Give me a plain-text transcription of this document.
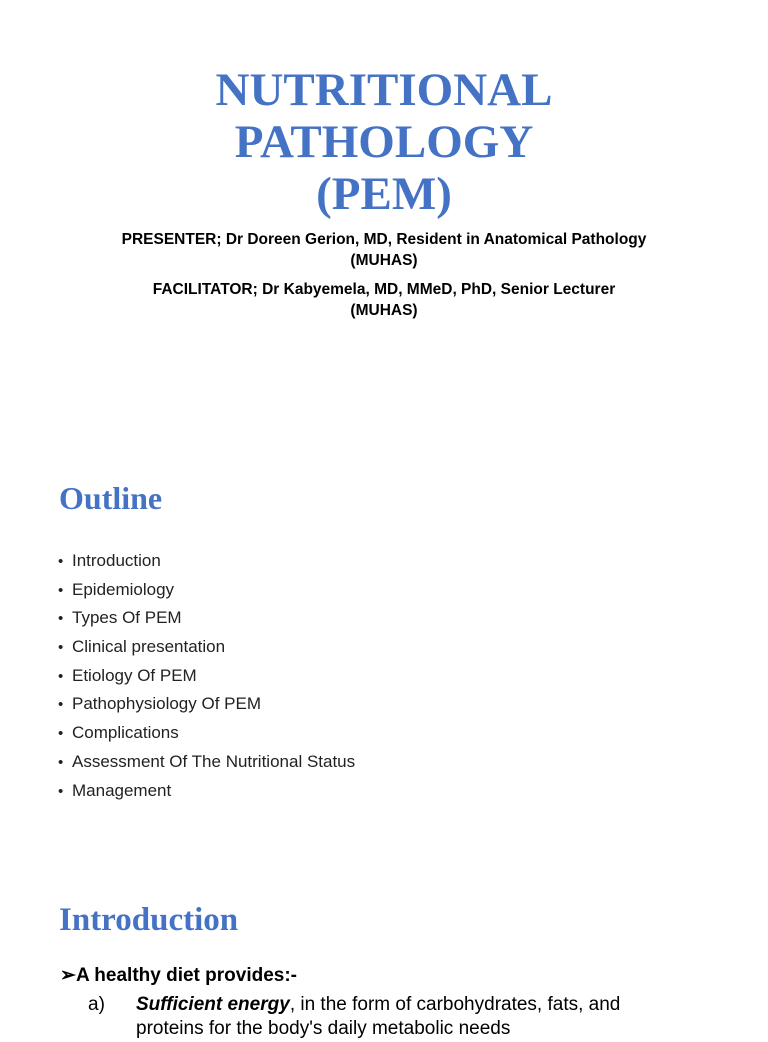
NUTRITIONAL
PATHOLOGY
(PEM)
PRESENTER; Dr Doreen Gerion, MD, Resident in Anatomical Pathology
(MUHAS)
FACILITATOR; Dr Kabyemela, MD, MMeD, PhD, Senior Lecturer
(MUHAS)
Outline
• Introduction
• Epidemiology
• Types Of PEM
• Clinical presentation
• Etiology Of PEM
• Pathophysiology Of PEM
• Complications
• Assessment Of The Nutritional Status
• Management
Introduction

➢A healthy diet provides:-

a) Sufficient energy, in the form of carbohydrates, fats, and
proteins for the body's daily metabolic needs
